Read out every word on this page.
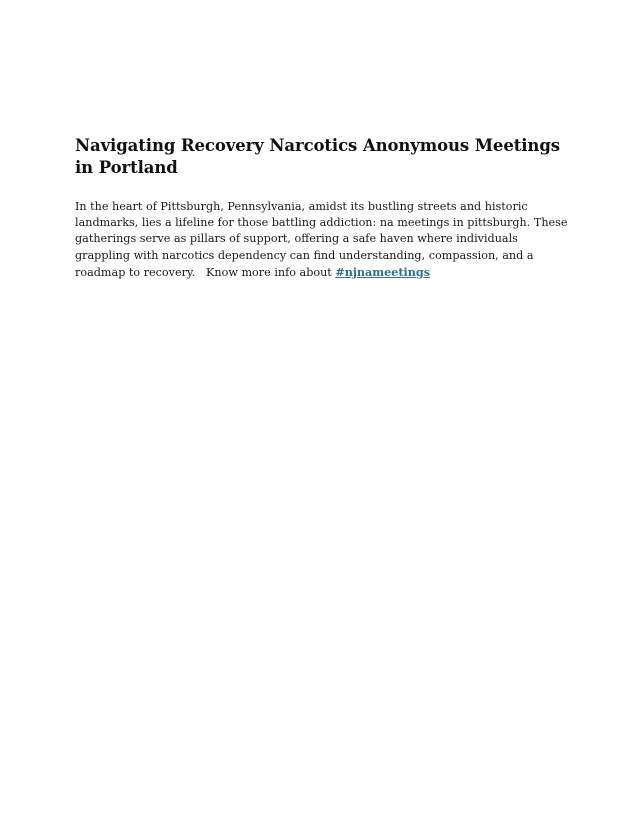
Navigating Recovery Narcotics Anonymous Meetings in Portland

In the heart of Pittsburgh, Pennsylvania, amidst its bustling streets and historic landmarks, lies a lifeline for those battling addiction: na meetings in pittsburgh. These gatherings serve as pillars of support, offering a safe haven where individuals grappling with narcotics dependency can find understanding, compassion, and a roadmap to recovery.   Know more info about #njnameetings
